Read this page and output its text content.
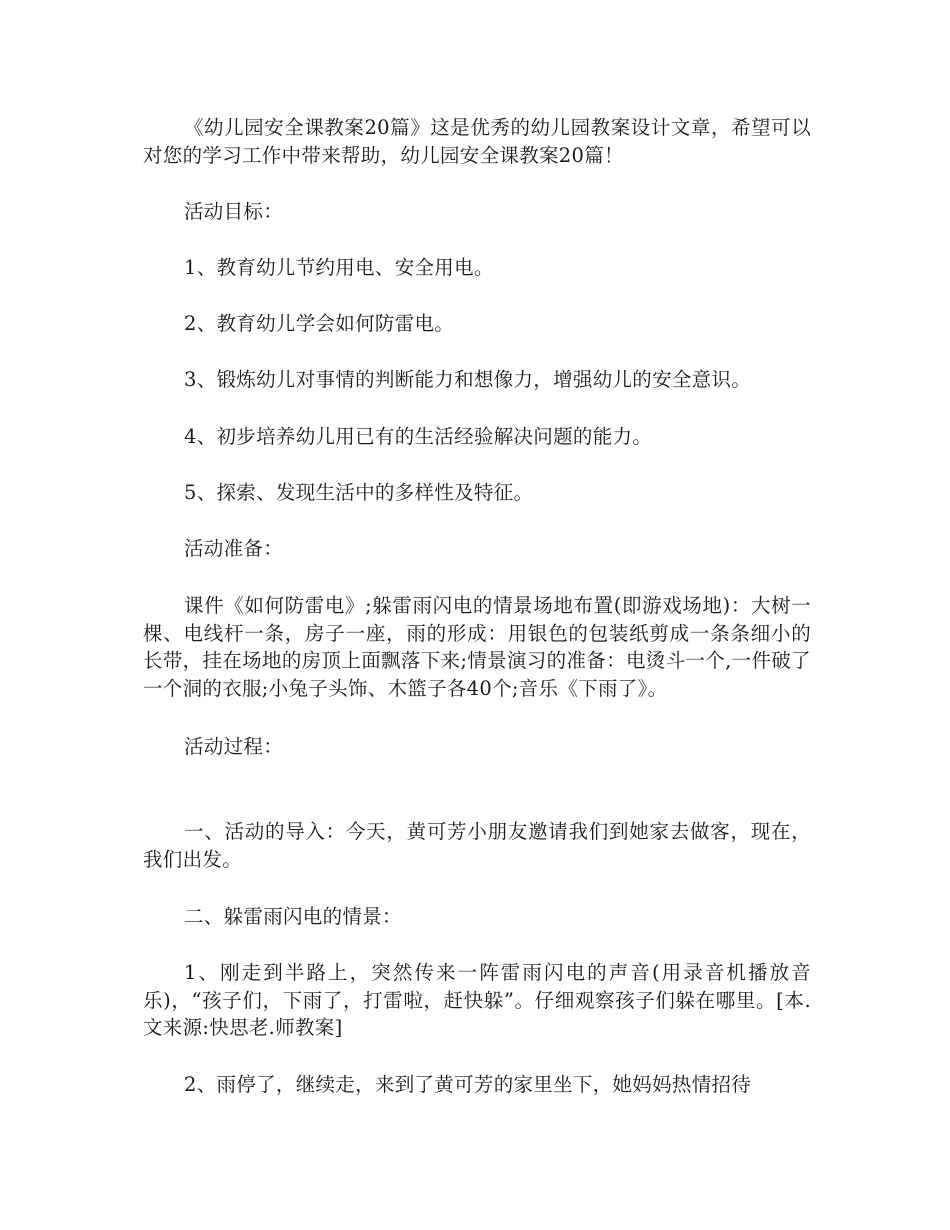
《幼儿园安全课教案20篇》这是优秀的幼儿园教案设计文章，希望可以对您的学习工作中带来帮助，幼儿园安全课教案20篇！

活动目标：

1、教育幼儿节约用电、安全用电。

2、教育幼儿学会如何防雷电。

3、锻炼幼儿对事情的判断能力和想像力，增强幼儿的安全意识。

4、初步培养幼儿用已有的生活经验解决问题的能力。

5、探索、发现生活中的多样性及特征。

活动准备：

课件《如何防雷电》;躲雷雨闪电的情景场地布置(即游戏场地)：大树一棵、电线杆一条，房子一座，雨的形成：用银色的包装纸剪成一条条细小的长带，挂在场地的房顶上面飘落下来;情景演习的准备：电烫斗一个,一件破了一个洞的衣服;小兔子头饰、木篮子各40个;音乐《下雨了》。

活动过程：

一、活动的导入：今天，黄可芳小朋友邀请我们到她家去做客，现在，我们出发。

二、躲雷雨闪电的情景：

1、刚走到半路上，突然传来一阵雷雨闪电的声音(用录音机播放音乐)，“孩子们，下雨了，打雷啦，赶快躲”。仔细观察孩子们躲在哪里。[本.文来源:快思老.师教案]

2、雨停了，继续走，来到了黄可芳的家里坐下，她妈妈热情招待
